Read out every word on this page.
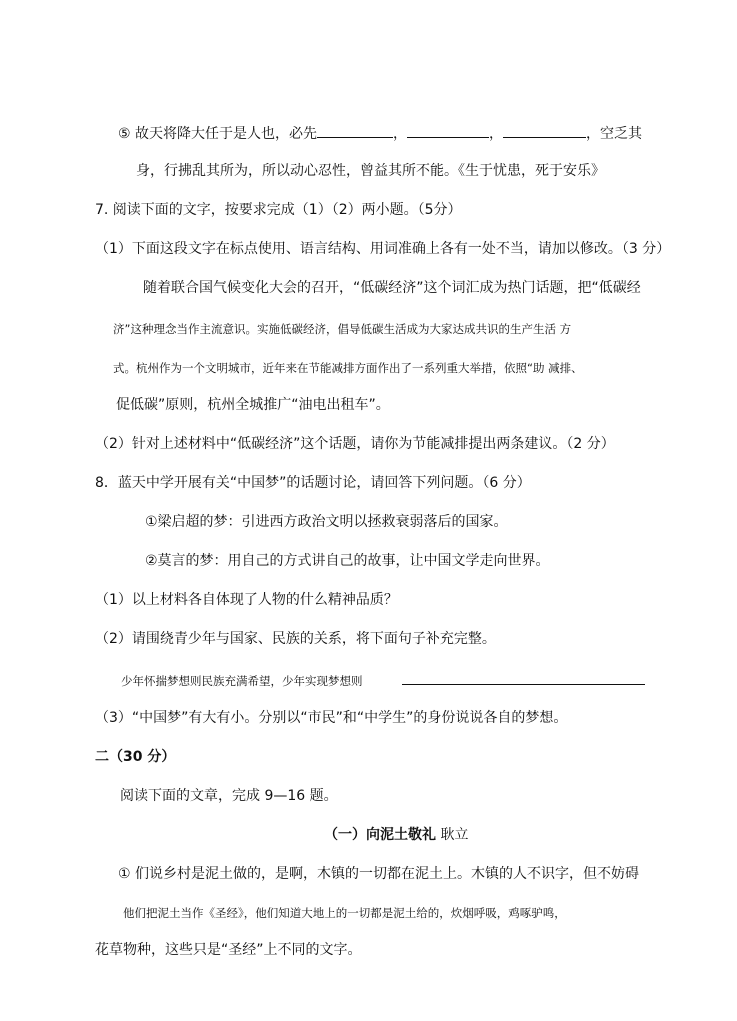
⑤ 故天将降大任于是人也，必先	，	，	，空乏其
身，行拂乱其所为，所以动心忍性，曾益其所不能。《生于忧患，死于安乐》
7. 阅读下面的文字，按要求完成（1）（2）两小题。（5分）
（1）下面这段文字在标点使用、语言结构、用词准确上各有一处不当，请加以修改。（3 分）
随着联合国气候变化大会的召开，“低碳经济”这个词汇成为热门话题，把“低碳经
济”这种理念当作主流意识。实施低碳经济，倡导低碳生活成为大家达成共识的生产生活 方
式。杭州作为一个文明城市，近年来在节能减排方面作出了一系列重大举措，依照“助 减排、
促低碳”原则，杭州全城推广“油电出租车”。
（2）针对上述材料中“低碳经济”这个话题，请你为节能减排提出两条建议。（2 分）
8．蓝天中学开展有关“中国梦”的话题讨论，请回答下列问题。（6 分）
①梁启超的梦：引进西方政治文明以拯救衰弱落后的国家。
②莫言的梦：用自己的方式讲自己的故事，让中国文学走向世界。
（1）以上材料各自体现了人物的什么精神品质？
（2）请围绕青少年与国家、民族的关系，将下面句子补充完整。
少年怀揣梦想则民族充满希望，少年实现梦想则
（3）“中国梦”有大有小。分别以“市民”和“中学生”的身份说说各自的梦想。
二（30 分）
阅读下面的文章，完成 9—16 题。
（一）向泥土敬礼 耿立
① 们说乡村是泥土做的，是啊，木镇的一切都在泥土上。木镇的人不识字，但不妨碍
他们把泥土当作《圣经》，他们知道大地上的一切都是泥土给的，炊烟呼吸，鸡啄驴鸣，
花草物种，这些只是“圣经”上不同的文字。
